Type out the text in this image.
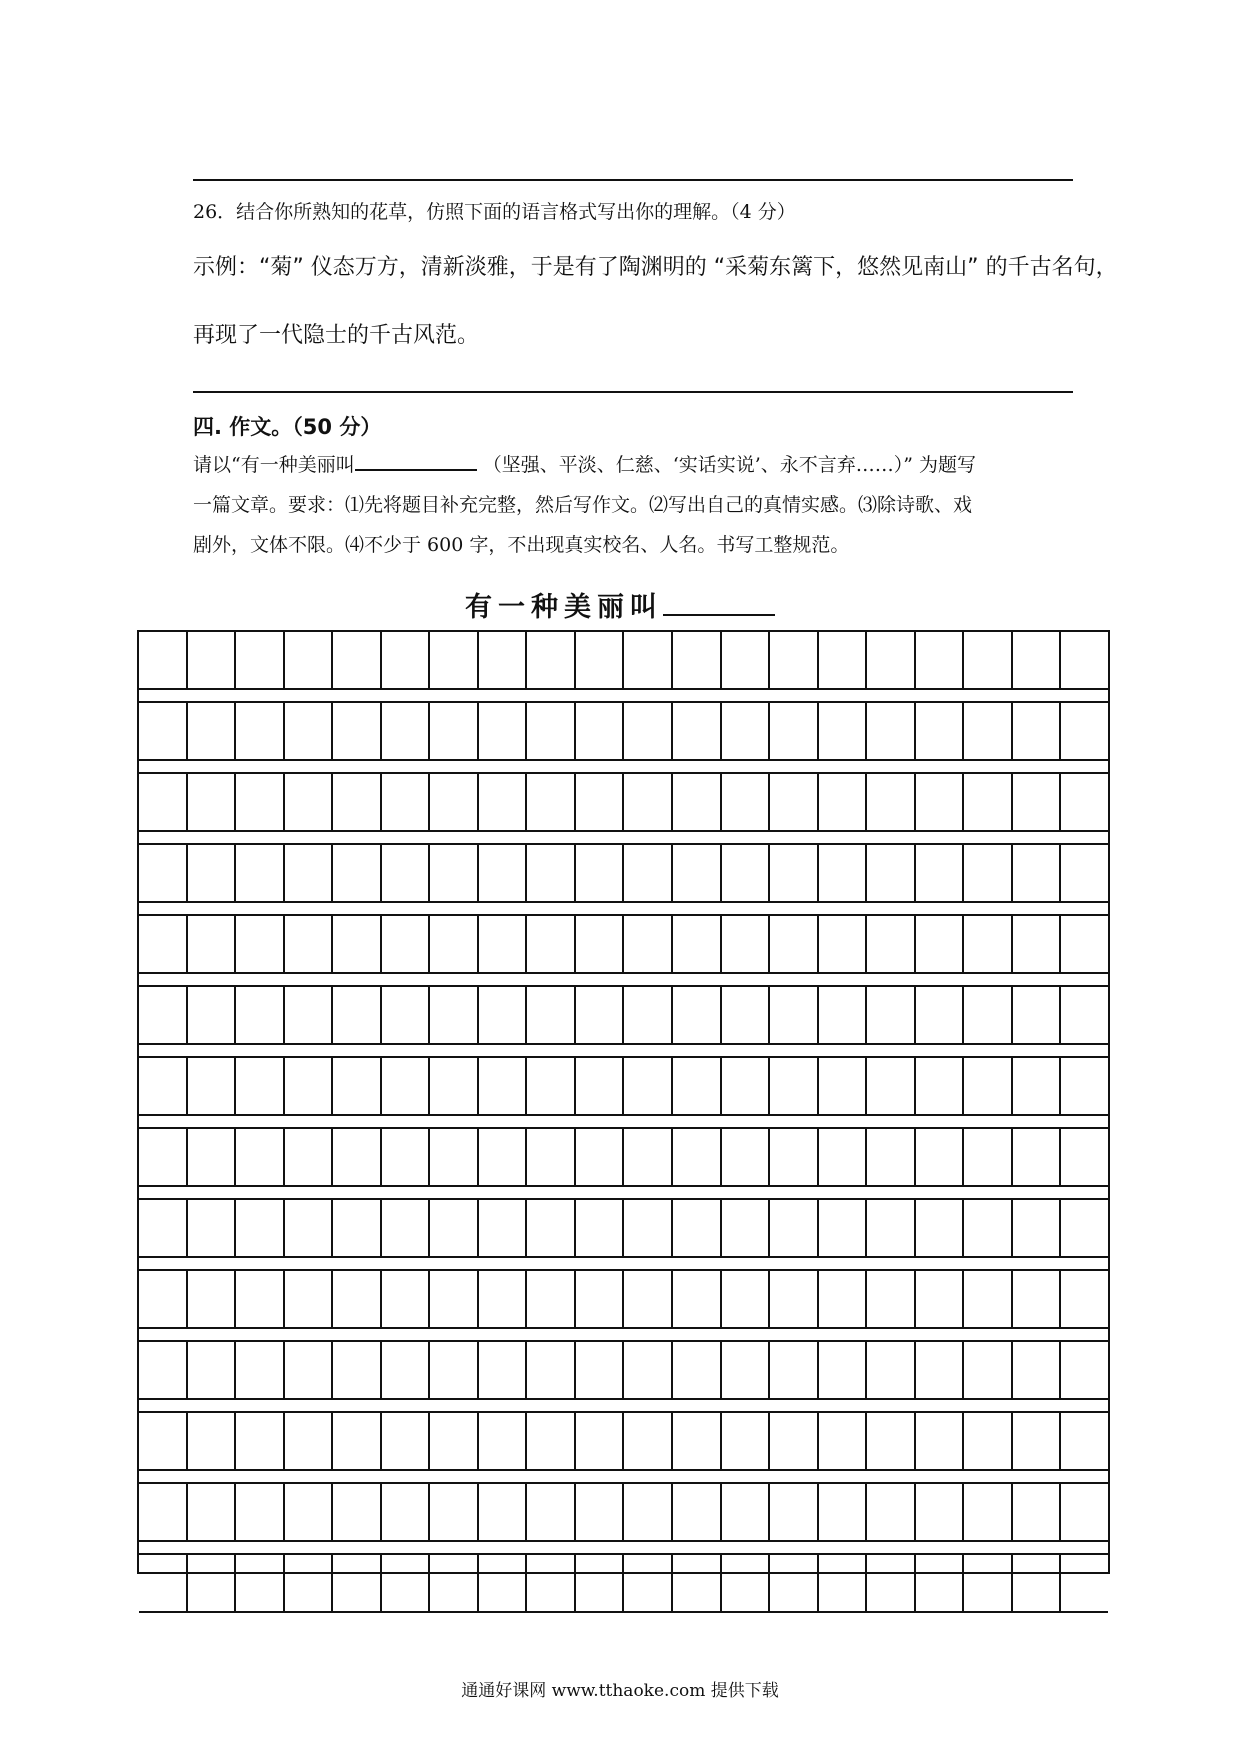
26．结合你所熟知的花草，仿照下面的语言格式写出你的理解。（4 分）
示例：“菊” 仪态万方，清新淡雅，于是有了陶渊明的 “采菊东篱下，悠然见南山” 的千古名句，
再现了一代隐士的千古风范。
四. 作文。（50 分）
请以“有一种美丽叫	（坚强、平淡、仁慈、‘实话实说’、永不言弃……）” 为题写
一篇文章。要求：⑴先将题目补充完整，然后写作文。⑵写出自己的真情实感。⑶除诗歌、戏
剧外，文体不限。⑷不少于 600 字，不出现真实校名、人名。书写工整规范。
有一种美丽叫
通通好课网 www.tthaoke.com 提供下载
